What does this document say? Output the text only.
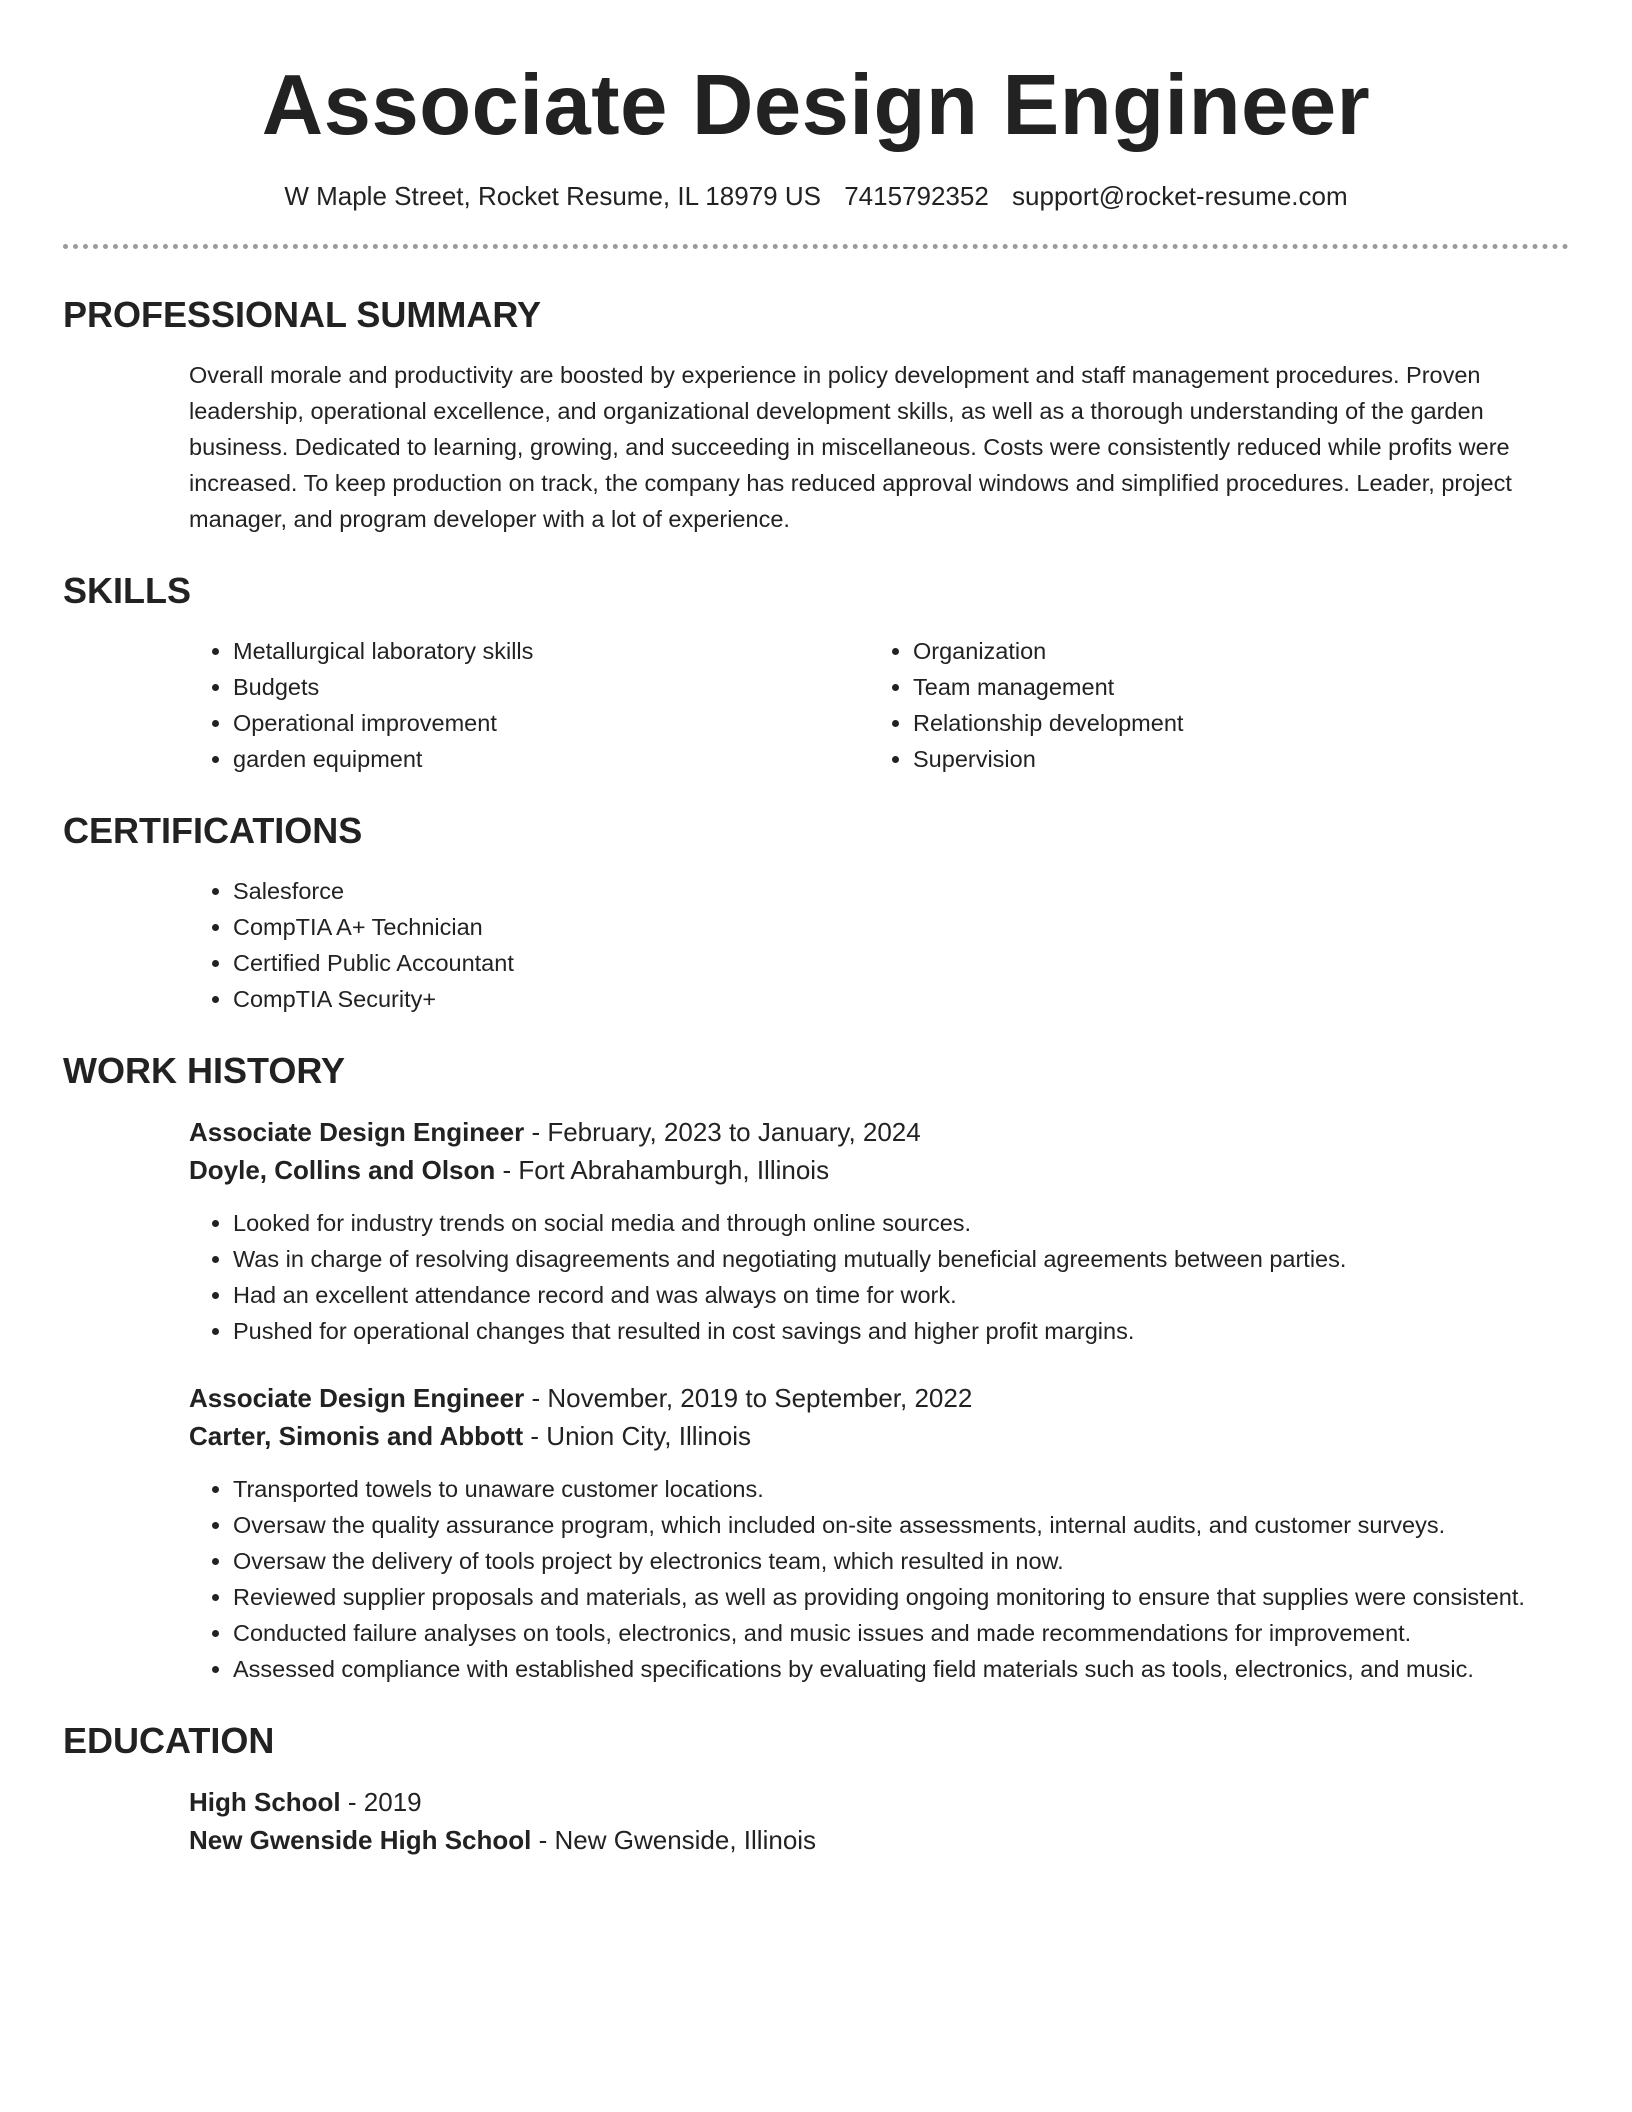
Associate Design Engineer
W Maple Street, Rocket Resume, IL 18979 US 7415792352 support@rocket-resume.com
PROFESSIONAL SUMMARY

Overall morale and productivity are boosted by experience in policy development and staff management procedures. Proven leadership, operational excellence, and organizational development skills, as well as a thorough understanding of the garden business. Dedicated to learning, growing, and succeeding in miscellaneous. Costs were consistently reduced while profits were increased. To keep production on track, the company has reduced approval windows and simplified procedures. Leader, project manager, and program developer with a lot of experience.

SKILLS
• Metallurgical laboratory skills
• Budgets
• Operational improvement
• garden equipment
• Organization
• Team management
• Relationship development
• Supervision
CERTIFICATIONS
• Salesforce
• CompTIA A+ Technician
• Certified Public Accountant
• CompTIA Security+
WORK HISTORY
Associate Design Engineer - February, 2023 to January, 2024
Doyle, Collins and Olson - Fort Abrahamburgh, Illinois
• Looked for industry trends on social media and through online sources.
• Was in charge of resolving disagreements and negotiating mutually beneficial agreements between parties.
• Had an excellent attendance record and was always on time for work.
• Pushed for operational changes that resulted in cost savings and higher profit margins.
Associate Design Engineer - November, 2019 to September, 2022
Carter, Simonis and Abbott - Union City, Illinois
• Transported towels to unaware customer locations.
• Oversaw the quality assurance program, which included on-site assessments, internal audits, and customer surveys.
• Oversaw the delivery of tools project by electronics team, which resulted in now.
• Reviewed supplier proposals and materials, as well as providing ongoing monitoring to ensure that supplies were consistent.
• Conducted failure analyses on tools, electronics, and music issues and made recommendations for improvement.
• Assessed compliance with established specifications by evaluating field materials such as tools, electronics, and music.
EDUCATION
High School - 2019
New Gwenside High School - New Gwenside, Illinois
